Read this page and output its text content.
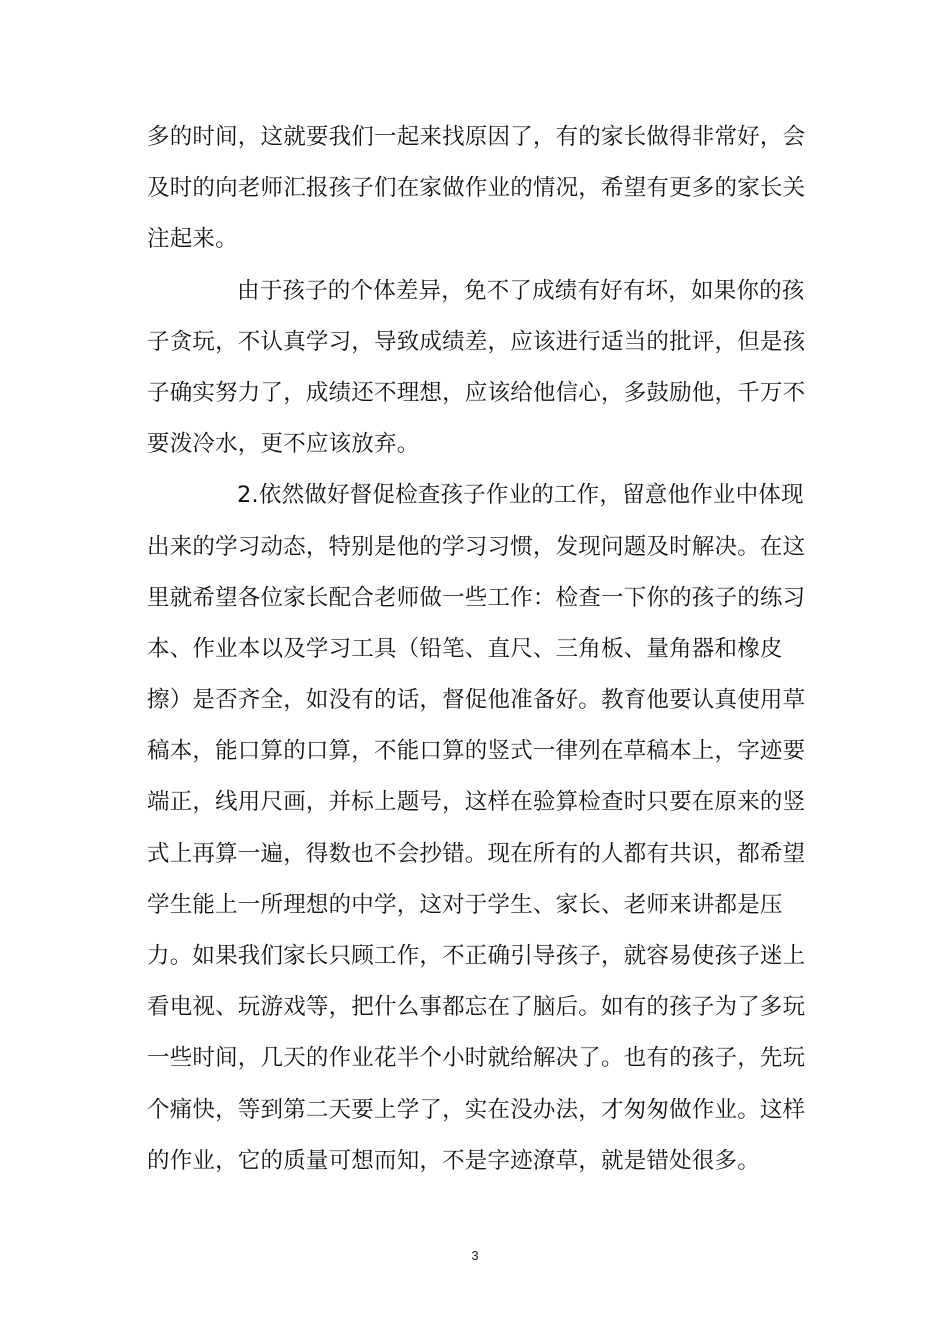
多的时间，这就要我们一起来找原因了，有的家长做得非常好，会
及时的向老师汇报孩子们在家做作业的情况，希望有更多的家长关
注起来。
由于孩子的个体差异，免不了成绩有好有坏，如果你的孩
子贪玩，不认真学习，导致成绩差，应该进行适当的批评，但是孩
子确实努力了，成绩还不理想，应该给他信心，多鼓励他，千万不
要泼冷水，更不应该放弃。
2.依然做好督促检查孩子作业的工作，留意他作业中体现
出来的学习动态，特别是他的学习习惯，发现问题及时解决。在这
里就希望各位家长配合老师做一些工作：检查一下你的孩子的练习
本、作业本以及学习工具（铅笔、直尺、三角板、量角器和橡皮
擦）是否齐全，如没有的话，督促他准备好。教育他要认真使用草
稿本，能口算的口算，不能口算的竖式一律列在草稿本上，字迹要
端正，线用尺画，并标上题号，这样在验算检查时只要在原来的竖
式上再算一遍，得数也不会抄错。现在所有的人都有共识，都希望
学生能上一所理想的中学，这对于学生、家长、老师来讲都是压
力。如果我们家长只顾工作，不正确引导孩子，就容易使孩子迷上
看电视、玩游戏等，把什么事都忘在了脑后。如有的孩子为了多玩
一些时间，几天的作业花半个小时就给解决了。也有的孩子，先玩
个痛快，等到第二天要上学了，实在没办法，才匆匆做作业。这样
的作业，它的质量可想而知，不是字迹潦草，就是错处很多。
3
